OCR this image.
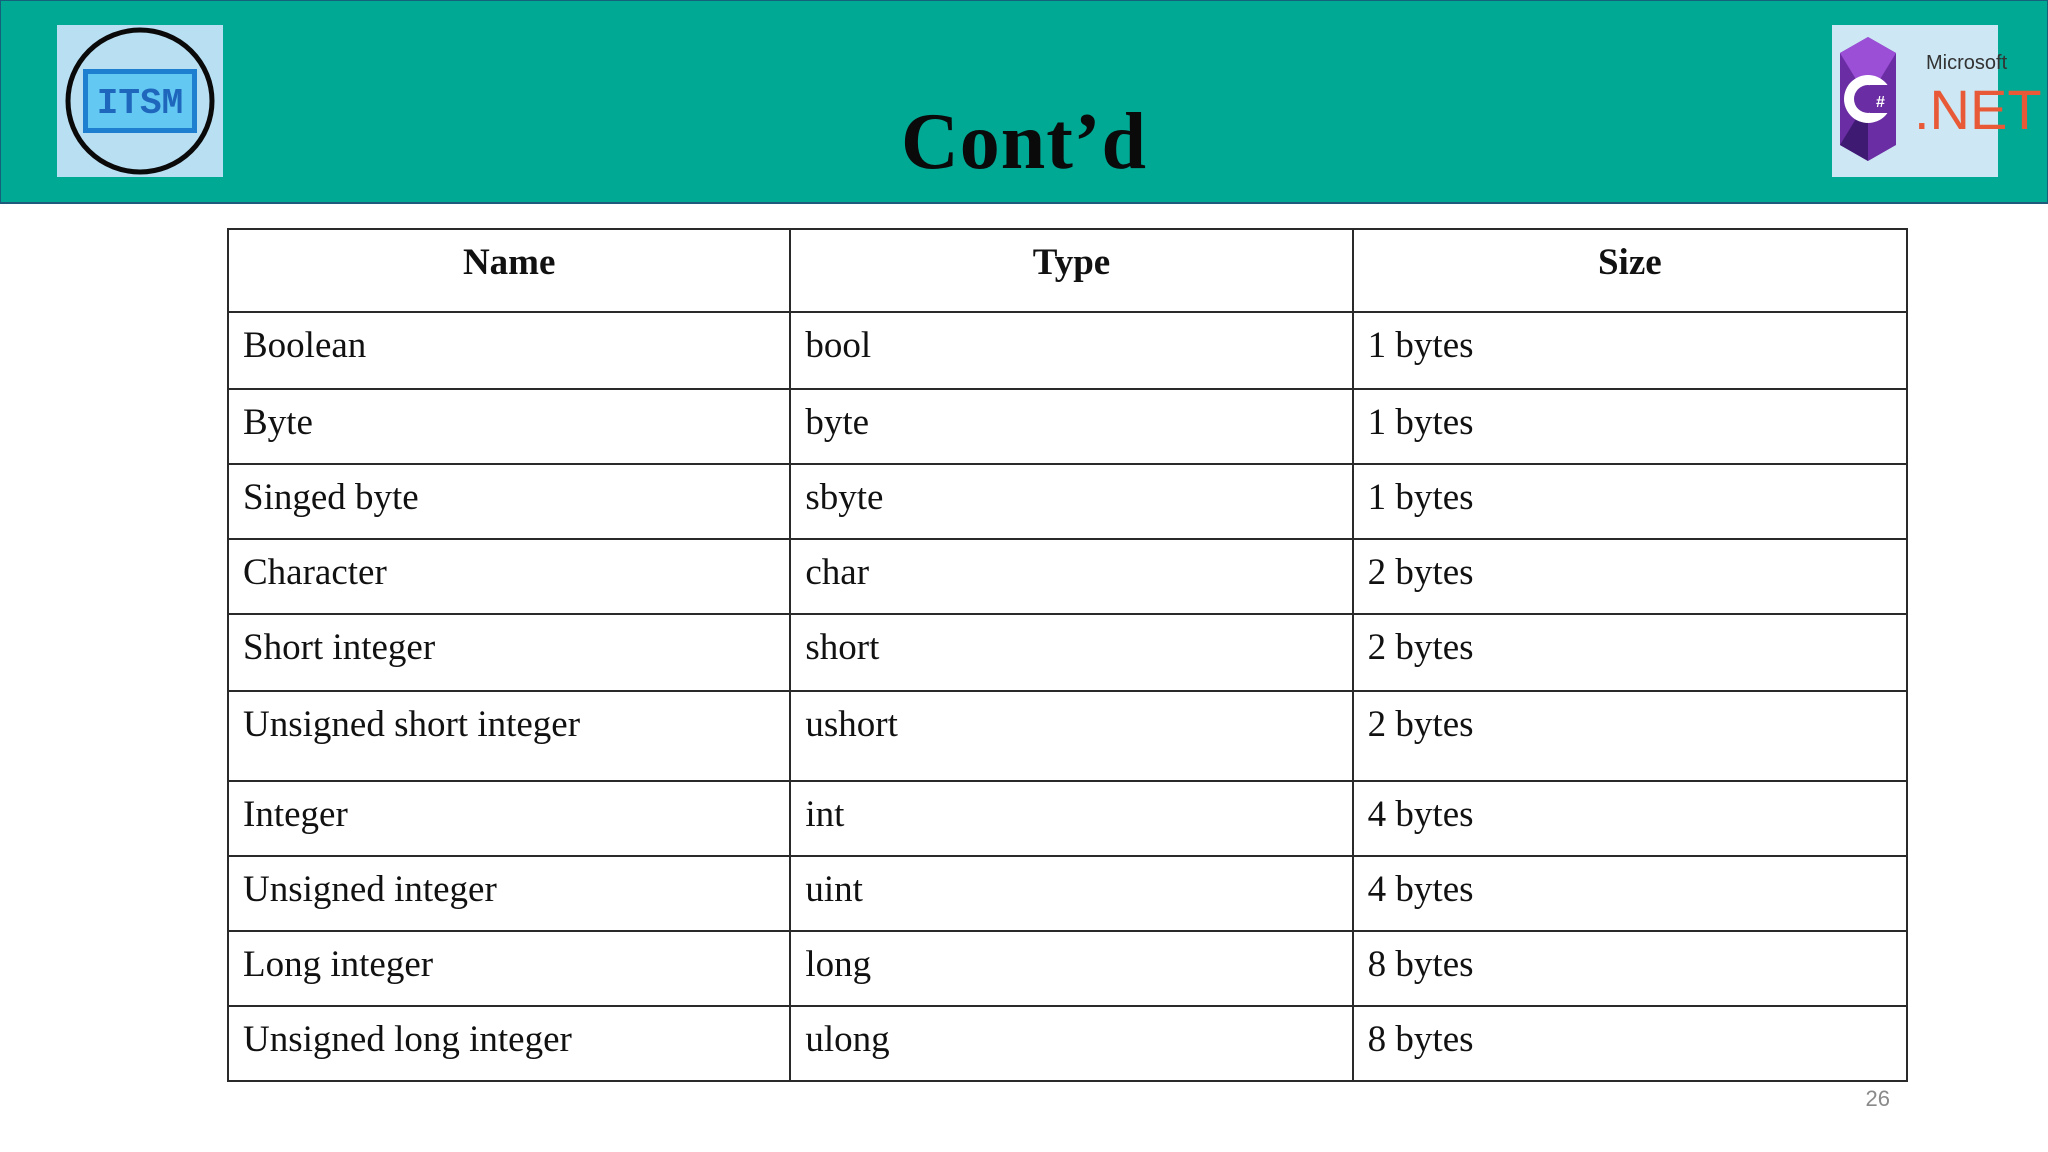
ITSM	#
Microsoft
.NET
Cont’d
Name	Type	Size
Boolean	bool	1 bytes
Byte	byte	1 bytes
Singed byte	sbyte	1 bytes
Character	char	2 bytes
Short integer	short	2 bytes
Unsigned short integer	ushort	2 bytes
Integer	int	4 bytes
Unsigned integer	uint	4 bytes
Long integer	long	8 bytes
Unsigned long integer	ulong	8 bytes
26
